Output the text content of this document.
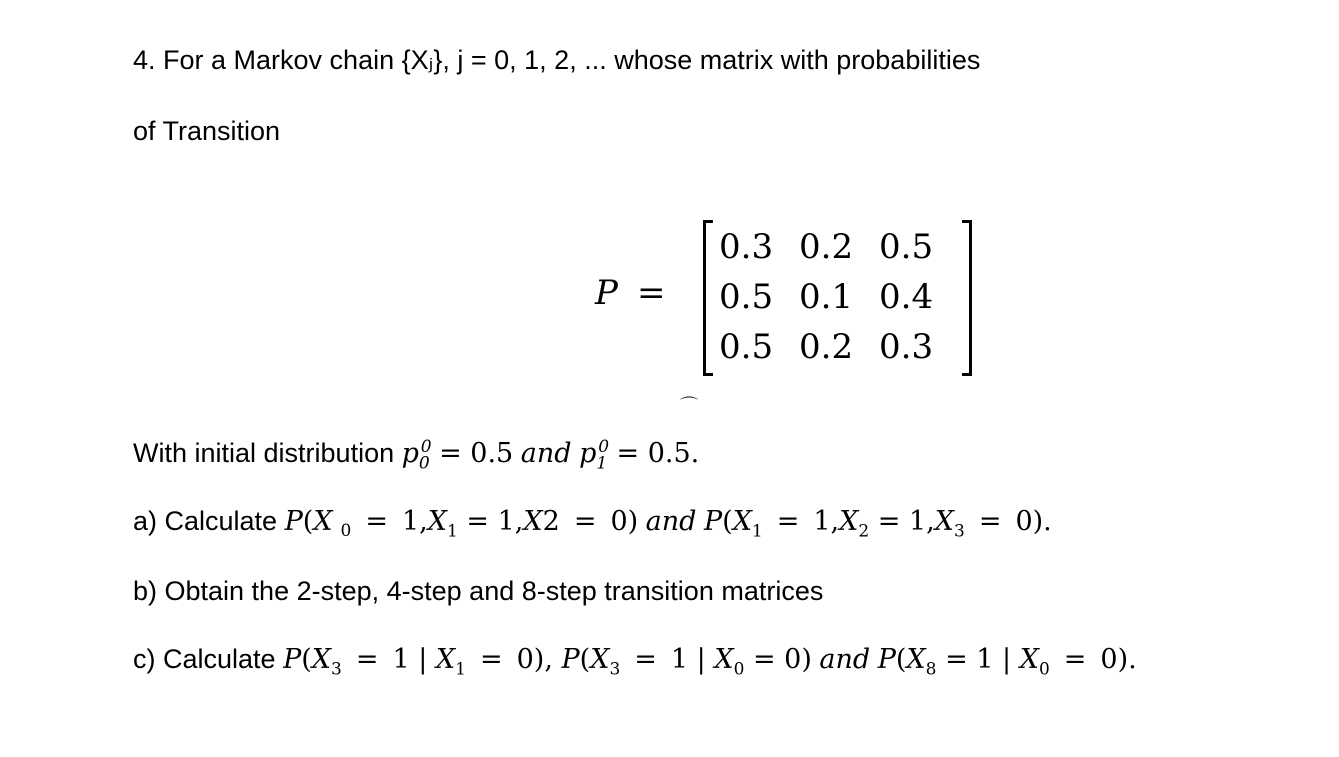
4. For a Markov chain {Xⱼ}, j = 0, 1, 2, ... whose matrix with probabilities
of Transition
P =
0.3 0.2 0.5
0.5 0.1 0.4
0.5 0.2 0.3
⌒
With initial distribution $p_0^0 = 0.5$ and $p_1^0 = 0.5$.
a) Calculate P(X $_0 = 1,X_1 = 1,X2 = 0$) and $P(X_1 = 1,X_2 = 1,X_3 = 0)$.
b) Obtain the 2-step, 4-step and 8-step transition matrices
c) Calculate $P(X_3 = 1$ | $X_1 = 0$), $P(X_3 = 1$ | $X_0 = 0$) and $P(X_8 = 1$ | $X_0 = 0$).
